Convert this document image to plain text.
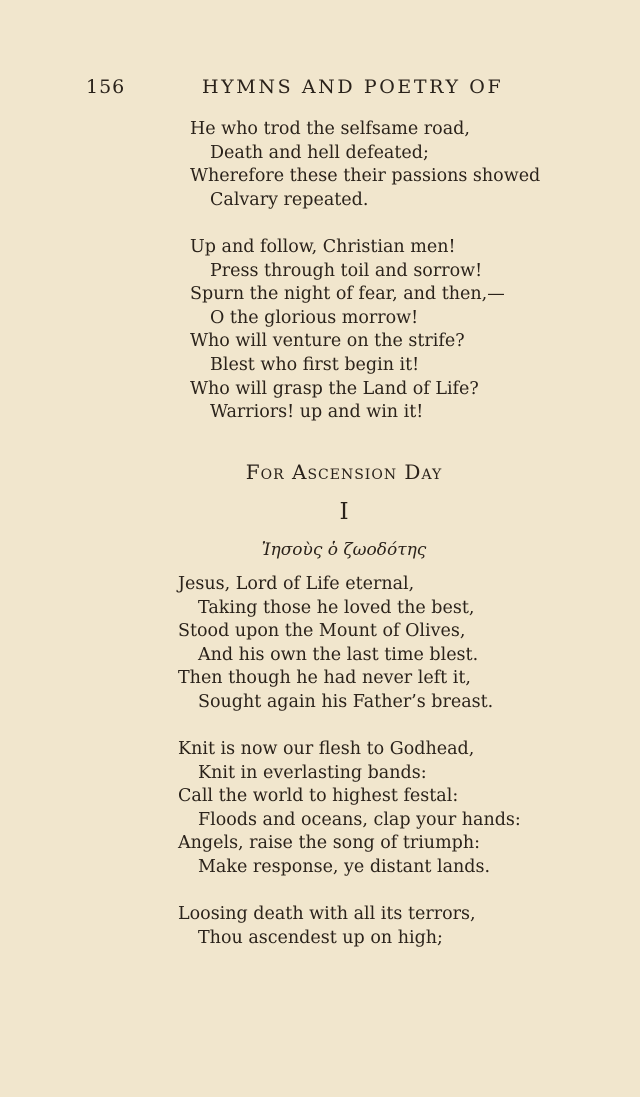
156	HYMNS AND POETRY OF
He who trod the selfsame road,
Death and hell defeated;
Wherefore these their passions showed
Calvary repeated.
Up and follow, Christian men!
Press through toil and sorrow!
Spurn the night of fear, and then,—
O the glorious morrow!
Who will venture on the strife?
Blest who first begin it!
Who will grasp the Land of Life?
Warriors! up and win it!
For Ascension Day
I
Ἰησοὺς ὁ ζωοδότης
Jesus, Lord of Life eternal,
Taking those he loved the best,
Stood upon the Mount of Olives,
And his own the last time blest.
Then though he had never left it,
Sought again his Father’s breast.
Knit is now our flesh to Godhead,
Knit in everlasting bands:
Call the world to highest festal:
Floods and oceans, clap your hands:
Angels, raise the song of triumph:
Make response, ye distant lands.
Loosing death with all its terrors,
Thou ascendest up on high;
